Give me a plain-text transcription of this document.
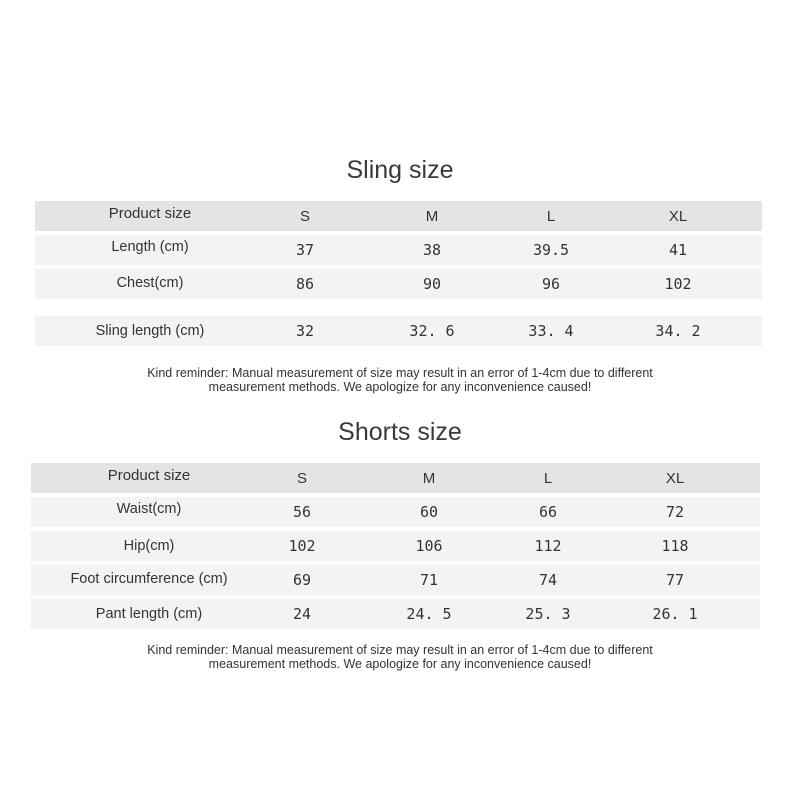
Sling size
Product size	S	M	L	XL
Length (cm)	37	38	39.5	41
Chest(cm)	86	90	96	102
Sling length (cm)	32	32. 6	33. 4	34. 2

Kind reminder: Manual measurement of size may result in an error of 1-4cm due to different

measurement methods. We apologize for any inconvenience caused!

Shorts size
Product size	S	M	L	XL
Waist(cm)	56	60	66	72
Hip(cm)	102	106	112	118
Foot circumference (cm)	69	71	74	77
Pant length (cm)	24	24. 5	25. 3	26. 1

Kind reminder: Manual measurement of size may result in an error of 1-4cm due to different

measurement methods. We apologize for any inconvenience caused!
